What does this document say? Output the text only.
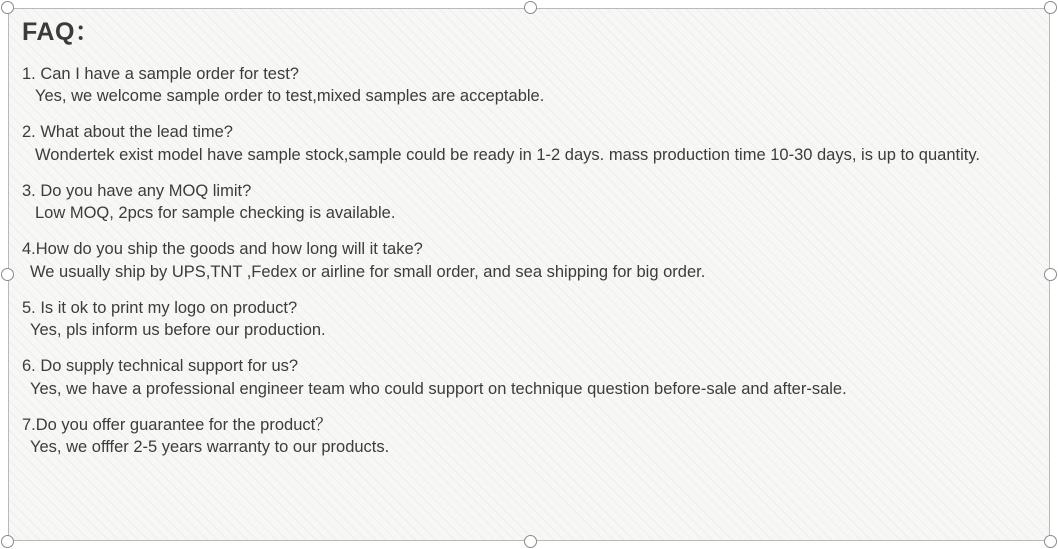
FAQ：

1. Can I have a sample order for test?

Yes, we welcome sample order to test,mixed samples are acceptable.

2. What about the lead time?

Wondertek exist model have sample stock,sample could be ready in 1-2 days. mass production time 10-30 days, is up to quantity.

3. Do you have any MOQ limit?

Low MOQ, 2pcs for sample checking is available.

4.How do you ship the goods and how long will it take?

We usually ship by UPS,TNT ,Fedex or airline for small order, and sea shipping for big order.

5. Is it ok to print my logo on product?

Yes, pls inform us before our production.

6. Do supply technical support for us?

Yes, we have a professional engineer team who could support on technique question before-sale and after-sale.

7.Do you offer guarantee for the product？

Yes, we offfer 2-5 years warranty to our products.
